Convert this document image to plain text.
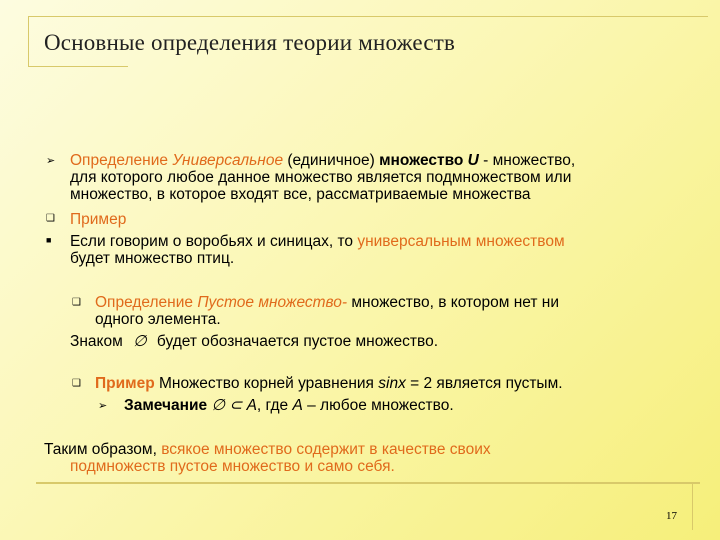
Основные определения теории множеств
➢ Определение Универсальное (единичное) множество U - множество,
для которого любое данное множество является подмножеством или
множество, в которое входят все, рассматриваемые множества
❑ Пример
■ Если говорим о воробьях и синицах, то универсальным множеством
будет множество птиц.
❑ Определение Пустое множество- множество, в котором нет ни
одного элемента.
Знаком ∅ будет обозначается пустое множество.
❑ Пример Множество корней уравнения sinx = 2 является пустым.
➢ Замечание ∅ ⊂ A, где A – любое множество.
Таким образом, всякое множество содержит в качестве своих
подмножеств пустое множество и само себя.
17
